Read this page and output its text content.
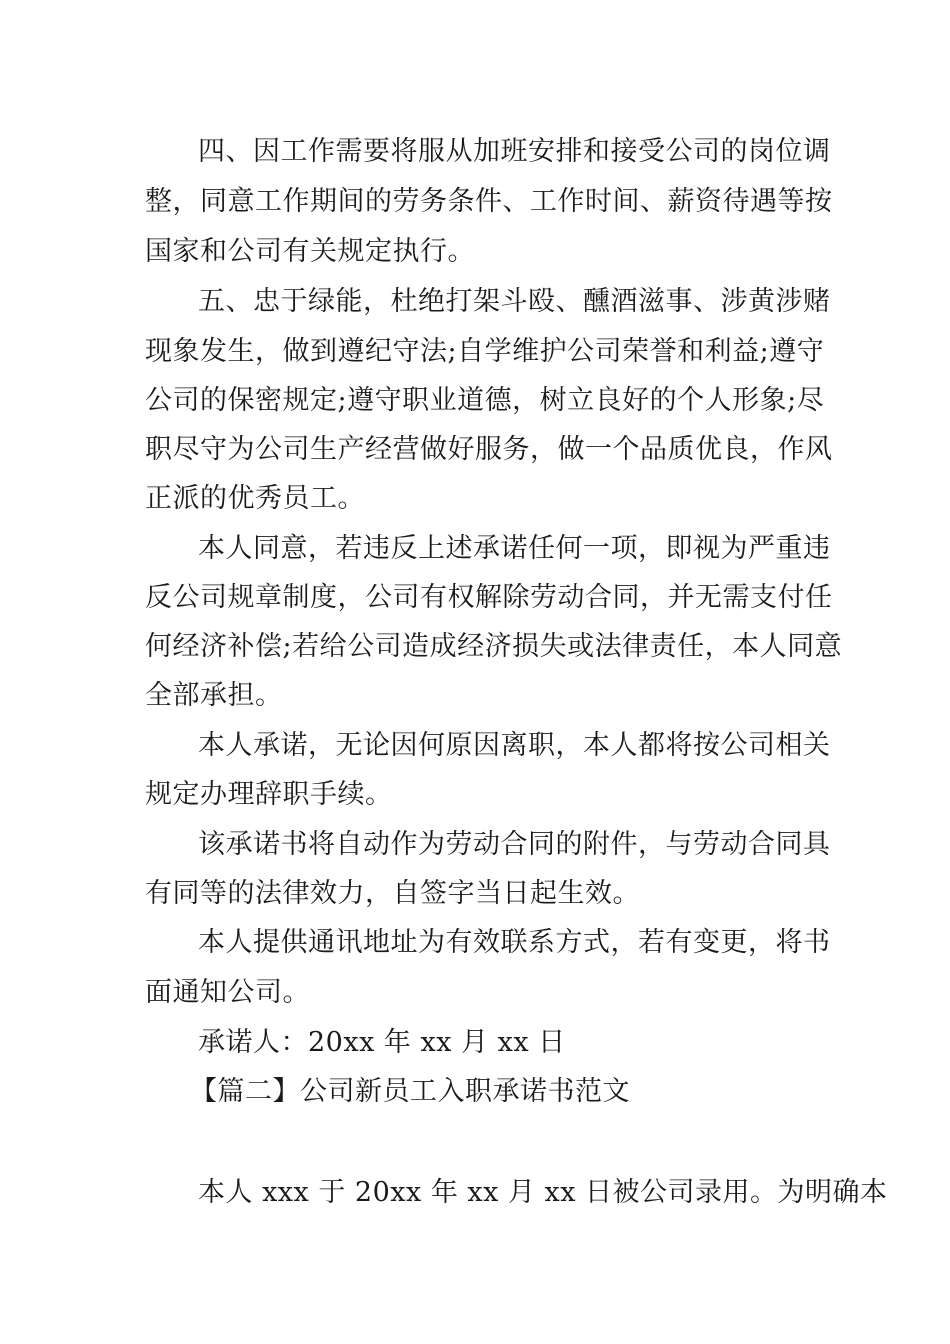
四、因工作需要将服从加班安排和接受公司的岗位调
整，同意工作期间的劳务条件、工作时间、薪资待遇等按
国家和公司有关规定执行。
五、忠于绿能，杜绝打架斗殴、醺酒滋事、涉黄涉赌
现象发生，做到遵纪守法;自学维护公司荣誉和利益;遵守
公司的保密规定;遵守职业道德，树立良好的个人形象;尽
职尽守为公司生产经营做好服务，做一个品质优良，作风
正派的优秀员工。
本人同意，若违反上述承诺任何一项，即视为严重违
反公司规章制度，公司有权解除劳动合同，并无需支付任
何经济补偿;若给公司造成经济损失或法律责任，本人同意
全部承担。
本人承诺，无论因何原因离职，本人都将按公司相关
规定办理辞职手续。
该承诺书将自动作为劳动合同的附件，与劳动合同具
有同等的法律效力，自签字当日起生效。
本人提供通讯地址为有效联系方式，若有变更，将书
面通知公司。
承诺人：20xx 年 xx 月 xx 日
【篇二】公司新员工入职承诺书范文
本人 xxx 于 20xx 年 xx 月 xx 日被公司录用。为明确本
